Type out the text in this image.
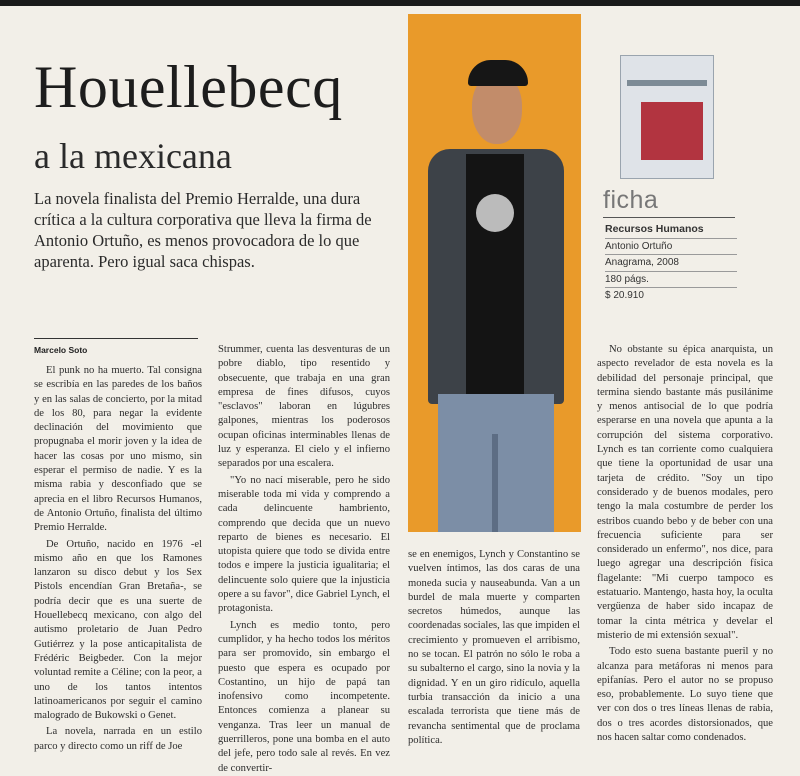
Houellebecq
a la mexicana
La novela finalista del Premio Herralde, una dura crítica a la cultura corporativa que lleva la firma de Antonio Ortuño, es menos provocadora de lo que aparenta. Pero igual saca chispas.
Marcelo Soto

El punk no ha muerto. Tal consigna se escribía en las paredes de los baños y en las salas de concierto, por la mitad de los 80, para negar la evidente declinación del movimiento que propugnaba el morir joven y la idea de hacer las cosas por uno mismo, sin esperar el permiso de nadie. Y es la misma rabia y desconfiado que se aprecia en el libro Recursos Humanos, de Antonio Ortuño, finalista del último Premio Herralde.

De Ortuño, nacido en 1976 -el mismo año en que los Ramones lanzaron su disco debut y los Sex Pistols encendían Gran Bretaña-, se podría decir que es una suerte de Houellebecq mexicano, con algo del autismo proletario de Juan Pedro Gutiérrez y la pose anticapitalista de Frédéric Beigbeder. Con la mejor voluntad remite a Céline; con la peor, a uno de los tantos intentos latinoamericanos por seguir el camino malogrado de Bukowski o Genet.

La novela, narrada en un estilo parco y directo como un riff de Joe

Strummer, cuenta las desventuras de un pobre diablo, tipo resentido y obsecuente, que trabaja en una gran empresa de fines difusos, cuyos "esclavos" laboran en lúgubres galpones, mientras los poderosos ocupan oficinas interminables llenas de luz y esperanza. El cielo y el infierno separados por una escalera.

"Yo no nací miserable, pero he sido miserable toda mi vida y comprendo a cada delincuente hambriento, comprendo que decida que un nuevo reparto de bienes es necesario. El utopista quiere que todo se divida entre todos e impere la justicia igualitaria; el delincuente solo quiere que la injusticia opere a su favor", dice Gabriel Lynch, el protagonista.

Lynch es medio tonto, pero cumplidor, y ha hecho todos los méritos para ser promovido, sin embargo el puesto que espera es ocupado por Costantino, un hijo de papá tan inofensivo como incompetente. Entonces comienza a planear su venganza. Tras leer un manual de guerrilleros, pone una bomba en el auto del jefe, pero todo sale al revés. En vez de convertir-

se en enemigos, Lynch y Constantino se vuelven íntimos, las dos caras de una moneda sucia y nauseabunda. Van a un burdel de mala muerte y comparten secretos húmedos, aunque las coordenadas sociales, las que impiden el crecimiento y promueven el arribismo, no se tocan. El patrón no sólo le roba a su subalterno el cargo, sino la novia y la dignidad. Y en un giro ridículo, aquella turbia transacción da inicio a una escalada terrorista que tiene más de revancha sentimental que de proclama política.

ficha
Recursos Humanos
Antonio Ortuño
Anagrama, 2008
180 págs.
$ 20.910

No obstante su épica anarquista, un aspecto revelador de esta novela es la debilidad del personaje principal, que termina siendo bastante más pusilánime y menos antisocial de lo que podría esperarse en una novela que apunta a la corrupción del sistema corporativo. Lynch es tan corriente como cualquiera que tiene la oportunidad de usar una tarjeta de crédito. "Soy un tipo considerado y de buenos modales, pero tengo la mala costumbre de perder los estribos cuando bebo y de beber con una frecuencia suficiente para ser considerado un enfermo", nos dice, para luego agregar una descripción física flagelante: "Mi cuerpo tampoco es estatuario. Mantengo, hasta hoy, la oculta vergüenza de haber sido incapaz de tomar la cinta métrica y develar el misterio de mi extensión sexual".

Todo esto suena bastante pueril y no alcanza para metáforas ni menos para epifanías. Pero el autor no se propuso eso, probablemente. Lo suyo tiene que ver con dos o tres líneas llenas de rabia, dos o tres acordes distorsionados, que nos hacen saltar como condenados.
